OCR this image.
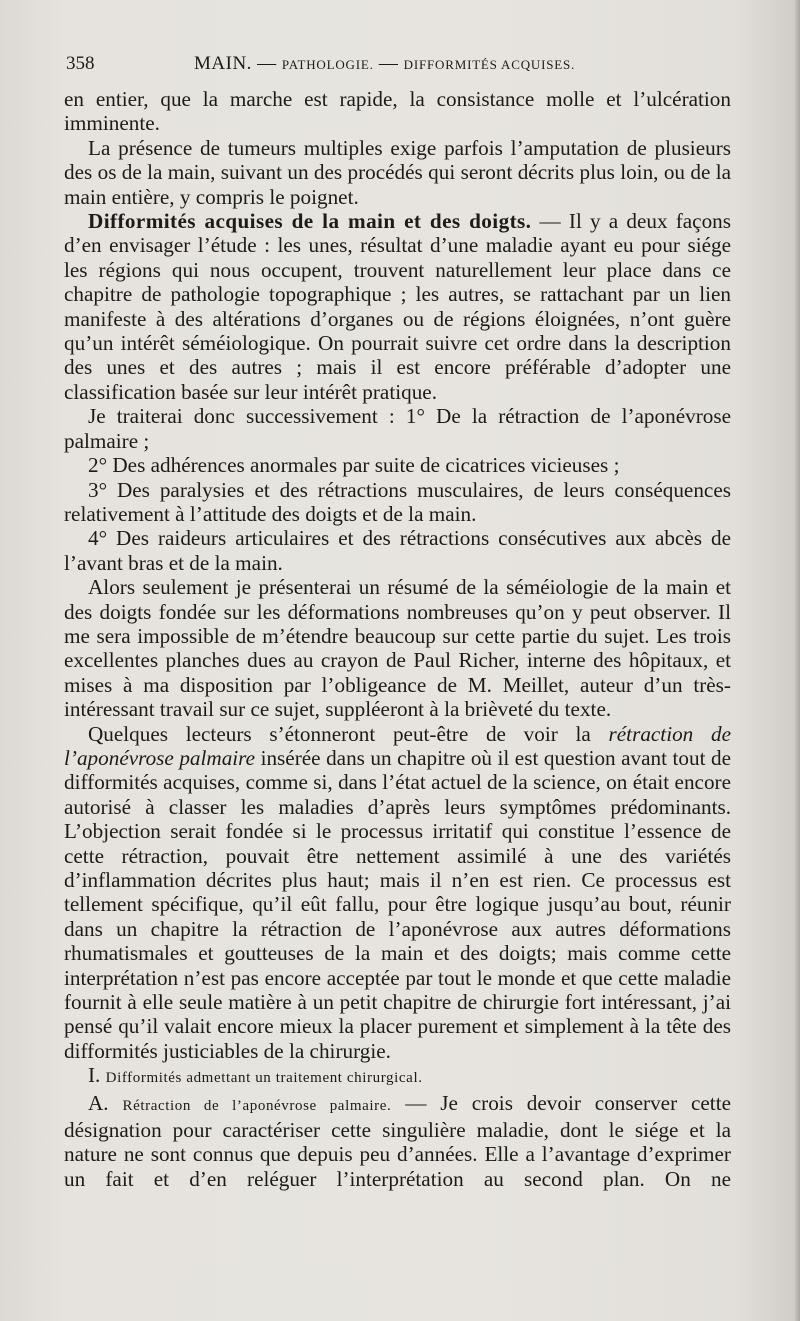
358	MAIN. — PATHOLOGIE. — DIFFORMITÉS ACQUISES.

en entier, que la marche est rapide, la consistance molle et l’ulcération imminente.

La présence de tumeurs multiples exige parfois l’amputation de plusieurs des os de la main, suivant un des procédés qui seront décrits plus loin, ou de la main entière, y compris le poignet.

Difformités acquises de la main et des doigts. — Il y a deux façons d’en envisager l’étude : les unes, résultat d’une maladie ayant eu pour siége les régions qui nous occupent, trouvent naturellement leur place dans ce chapitre de pathologie topographique ; les autres, se rattachant par un lien manifeste à des altérations d’organes ou de régions éloignées, n’ont guère qu’un intérêt séméiologique. On pourrait suivre cet ordre dans la description des unes et des autres ; mais il est encore préférable d’adopter une classification basée sur leur intérêt pratique.

Je traiterai donc successivement : 1° De la rétraction de l’aponévrose palmaire ;

2° Des adhérences anormales par suite de cicatrices vicieuses ;

3° Des paralysies et des rétractions musculaires, de leurs conséquences relativement à l’attitude des doigts et de la main.

4° Des raideurs articulaires et des rétractions consécutives aux abcès de l’avant bras et de la main.

Alors seulement je présenterai un résumé de la séméiologie de la main et des doigts fondée sur les déformations nombreuses qu’on y peut observer. Il me sera impossible de m’étendre beaucoup sur cette partie du sujet. Les trois excellentes planches dues au crayon de Paul Richer, interne des hôpitaux, et mises à ma disposition par l’obligeance de M. Meillet, auteur d’un très-intéressant travail sur ce sujet, suppléeront à la brièveté du texte.

Quelques lecteurs s’étonneront peut-être de voir la rétraction de l’aponévrose palmaire insérée dans un chapitre où il est question avant tout de difformités acquises, comme si, dans l’état actuel de la science, on était encore autorisé à classer les maladies d’après leurs symptômes prédominants. L’objection serait fondée si le processus irritatif qui constitue l’essence de cette rétraction, pouvait être nettement assimilé à une des variétés d’inflammation décrites plus haut; mais il n’en est rien. Ce processus est tellement spécifique, qu’il eût fallu, pour être logique jusqu’au bout, réunir dans un chapitre la rétraction de l’aponévrose aux autres déformations rhumatismales et goutteuses de la main et des doigts; mais comme cette interprétation n’est pas encore acceptée par tout le monde et que cette maladie fournit à elle seule matière à un petit chapitre de chirurgie fort intéressant, j’ai pensé qu’il valait encore mieux la placer purement et simplement à la tête des difformités justiciables de la chirurgie.

I. Difformités admettant un traitement chirurgical.

A. Rétraction de l’aponévrose palmaire. — Je crois devoir conserver cette désignation pour caractériser cette singulière maladie, dont le siége et la nature ne sont connus que depuis peu d’années. Elle a l’avantage d’exprimer un fait et d’en reléguer l’interprétation au second plan. On ne
